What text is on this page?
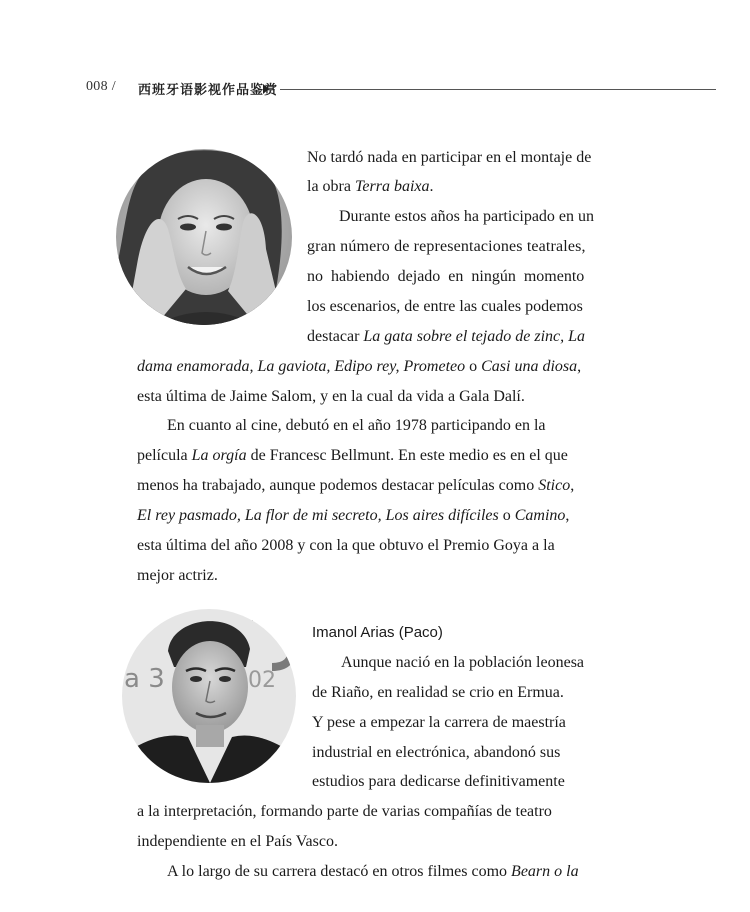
008 / 西班牙语影视作品鉴赏
No tardó nada en participar en el montaje de
la obra Terra baixa.
Durante estos años ha participado en un
gran número de representaciones teatrales,
no habiendo dejado en ningún momento
los escenarios, de entre las cuales podemos
destacar La gata sobre el tejado de zinc, La
dama enamorada, La gaviota, Edipo rey, Prometeo o Casi una diosa,
esta última de Jaime Salom, y en la cual da vida a Gala Dalí.
En cuanto al cine, debutó en el año 1978 participando en la
película La orgía de Francesc Bellmunt. En este medio es en el que
menos ha trabajado, aunque podemos destacar películas como Stico,
El rey pasmado, La flor de mi secreto, Los aires difíciles o Camino,
esta última del año 2008 y con la que obtuvo el Premio Goya a la
mejor actriz.
a 3	02
Imanol Arias (Paco)
Aunque nació en la población leonesa
de Riaño, en realidad se crio en Ermua.
Y pese a empezar la carrera de maestría
industrial en electrónica, abandonó sus
estudios para dedicarse definitivamente
a la interpretación, formando parte de varias compañías de teatro
independiente en el País Vasco.
A lo largo de su carrera destacó en otros filmes como Bearn o la
